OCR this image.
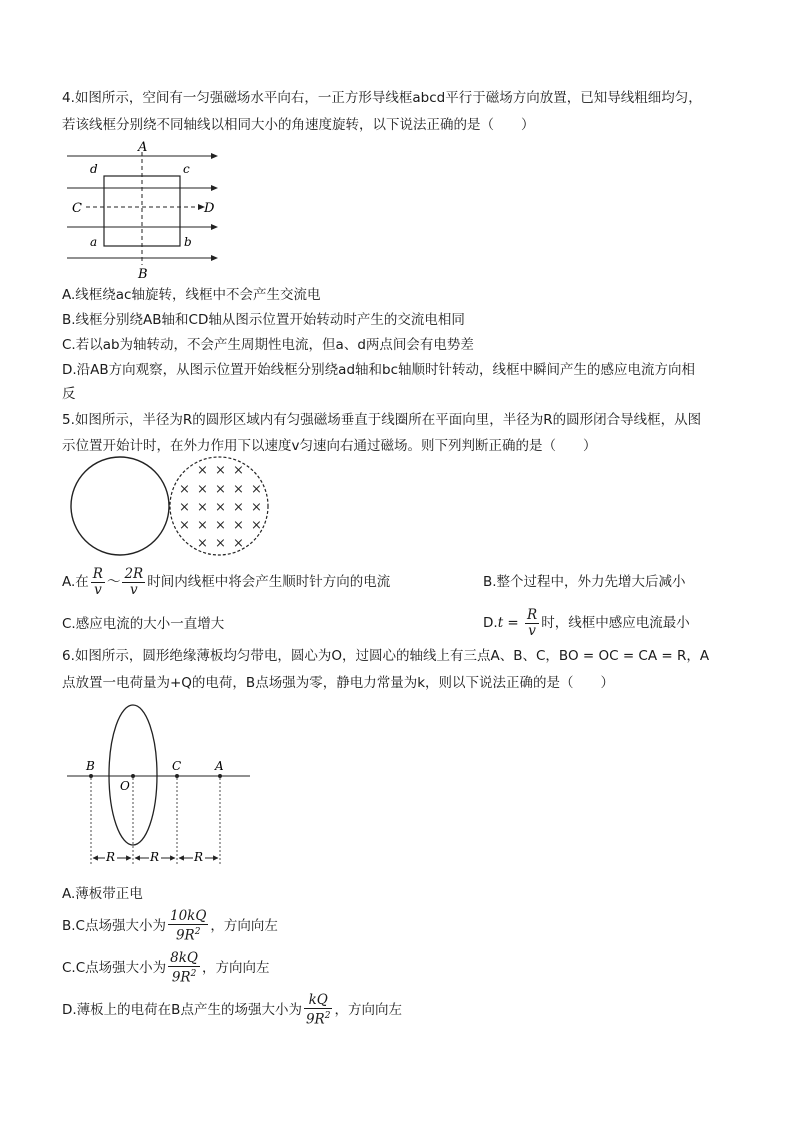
4.如图所示，空间有一匀强磁场水平向右，一正方形导线框abcd平行于磁场方向放置，已知导线粗细均匀，
若该线框分别绕不同轴线以相同大小的角速度旋转，以下说法正确的是（　　）
A
B
C	D
d	c
a	b
A.线框绕ac轴旋转，线框中不会产生交流电
B.线框分别绕AB轴和CD轴从图示位置开始转动时产生的交流电相同
C.若以ab为轴转动，不会产生周期性电流，但a、d两点间会有电势差
D.沿AB方向观察，从图示位置开始线框分别绕ad轴和bc轴顺时针转动，线框中瞬间产生的感应电流方向相
反
5.如图所示，半径为R的圆形区域内有匀强磁场垂直于线圈所在平面向里，半径为R的圆形闭合导线框，从图
示位置开始计时，在外力作用下以速度v匀速向右通过磁场。则下列判断正确的是（　　）
× × ×
× × × × ×
× × × × ×
× × × × ×
× × ×
A.在 $\frac{R}{v}$ ～ $\frac{2R}{v}$ 时间内线框中将会产生顺时针方向的电流	B.整个过程中，外力先增大后减小
C.感应电流的大小一直增大	$D.t = \frac{R}{v}$ 时，线框中感应电流最小
6.如图所示，圆形绝缘薄板均匀带电，圆心为O，过圆心的轴线上有三点A、B、C，BO = OC = CA = R，A
点放置一电荷量为+Q的电荷，B点场强为零，静电力常量为k，则以下说法正确的是（　　）
B
O
C	A
R	R	R
A.薄板带正电
B.C点场强大小为 $\frac{10kQ}{9R^2}$ ，方向向左
C.C点场强大小为 $\frac{8kQ}{9R^2}$ ，方向向左
D.薄板上的电荷在B点产生的场强大小为 $\frac{kQ}{9R^2}$ ，方向向左
